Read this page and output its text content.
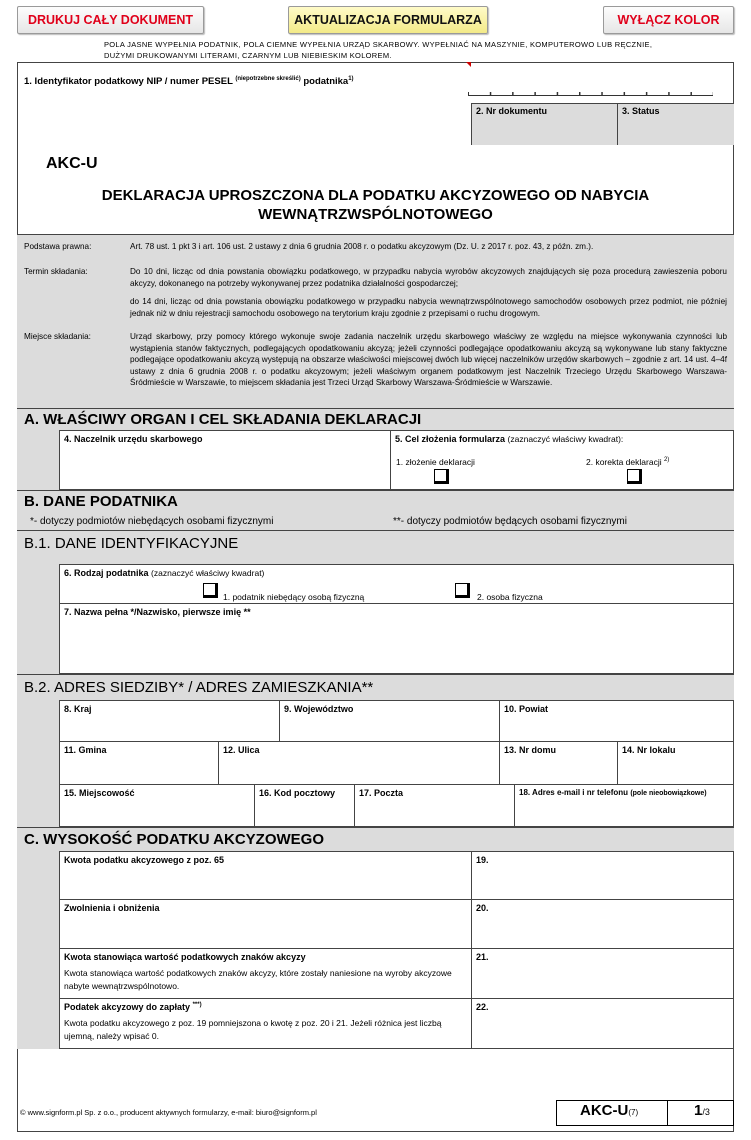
DRUKUJ CAŁY DOKUMENT	AKTUALIZACJA FORMULARZA	WYŁĄCZ KOLOR
POLA JASNE WYPEŁNIA PODATNIK, POLA CIEMNE WYPEŁNIA URZĄD SKARBOWY. WYPEŁNIAĆ NA MASZYNIE, KOMPUTEROWO LUB RĘCZNIE, DUŻYMI DRUKOWANYMI LITERAMI, CZARNYM LUB NIEBIESKIM KOLOREM.
1. Identyfikator podatkowy NIP / numer PESEL $^{(niepotrzebne skreślić)}$ podatnika$^{1)}$
2. Nr dokumentu	3. Status
AKC-U
DEKLARACJA UPROSZCZONA DLA PODATKU AKCYZOWEGO OD NABYCIA
WEWNĄTRZWSPÓLNOTOWEGO
Podstawa prawna:	Art. 78 ust. 1 pkt 3 i art. 106 ust. 2 ustawy z dnia 6 grudnia 2008 r. o podatku akcyzowym (Dz. U. z 2017 r. poz. 43, z późn. zm.).
Termin składania:	Do 10 dni, licząc od dnia powstania obowiązku podatkowego, w przypadku nabycia wyrobów akcyzowych znajdujących się poza procedurą zawieszenia poboru akcyzy, dokonanego na potrzeby wykonywanej przez podatnika działalności gospodarczej;
do 14 dni, licząc od dnia powstania obowiązku podatkowego w przypadku nabycia wewnątrzwspólnotowego samochodów osobowych przez podmiot, nie później jednak niż w dniu rejestracji samochodu osobowego na terytorium kraju zgodnie z przepisami o ruchu drogowym.
Miejsce składania:	Urząd skarbowy, przy pomocy którego wykonuje swoje zadania naczelnik urzędu skarbowego właściwy ze względu na miejsce wykonywania czynności lub wystąpienia stanów faktycznych, podlegających opodatkowaniu akcyzą; jeżeli czynności podlegające opodatkowaniu akcyzą są wykonywane lub stany faktyczne podlegające opodatkowaniu akcyzą występują na obszarze właściwości miejscowej dwóch lub więcej naczelników urzędów skarbowych – zgodnie z art. 14 ust. 4–4f ustawy z dnia 6 grudnia 2008 r. o podatku akcyzowym; jeżeli właściwym organem podatkowym jest Naczelnik Trzeciego Urzędu Skarbowego Warszawa-Śródmieście w Warszawie, to miejscem składania jest Trzeci Urząd Skarbowy Warszawa-Śródmieście w Warszawie.
A. WŁAŚCIWY ORGAN I CEL SKŁADANIA DEKLARACJI
4. Naczelnik urzędu skarbowego	5. Cel złożenia formularza (zaznaczyć właściwy kwadrat):
1. złożenie deklaracji	2. korekta deklaracji $^{2)}$
B. DANE PODATNIKA
*- dotyczy podmiotów niebędących osobami fizycznymi	**- dotyczy podmiotów będących osobami fizycznymi
B.1. DANE IDENTYFIKACYJNE
6. Rodzaj podatnika (zaznaczyć właściwy kwadrat)
1. podatnik niebędący osobą fizyczną	2. osoba fizyczna
7. Nazwa pełna */Nazwisko, pierwsze imię **
B.2. ADRES SIEDZIBY* / ADRES ZAMIESZKANIA**
8. Kraj	9. Województwo	10. Powiat
11. Gmina	12. Ulica	13. Nr domu	14. Nr lokalu
15. Miejscowość	16. Kod pocztowy	17. Poczta	18. Adres e-mail i nr telefonu (pole nieobowiązkowe)
C. WYSOKOŚĆ PODATKU AKCYZOWEGO
Kwota podatku akcyzowego z poz. 65	19.
Zwolnienia i obniżenia	20.
Kwota stanowiąca wartość podatkowych znaków akcyzy
Kwota stanowiąca wartość podatkowych znaków akcyzy, które zostały naniesione na wyroby akcyzowe nabyte wewnątrzwspólnotowo.
21.
Podatek akcyzowy do zapłaty ***)
Kwota podatku akcyzowego z poz. 19 pomniejszona o kwotę z poz. 20 i 21. Jeżeli różnica jest liczbą ujemną, należy wpisać 0.
22.
© www.signform.pl Sp. z o.o., producent aktywnych formularzy, e-mail: biuro@signform.pl	AKC-U(7)	1/3
